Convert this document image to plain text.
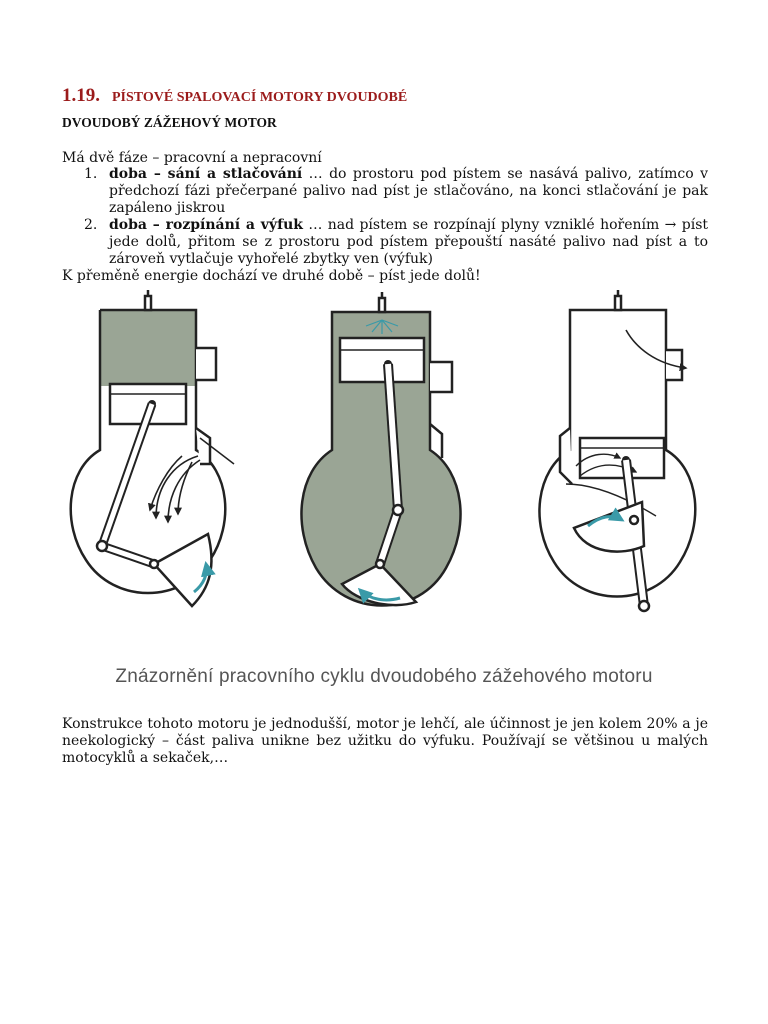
1.19. PÍSTOVÉ SPALOVACÍ MOTORY DVOUDOBÉ
DVOUDOBÝ ZÁŽEHOVÝ MOTOR

Má dvě fáze – pracovní a nepracovní

1. doba – sání a stlačování … do prostoru pod pístem se nasává palivo, zatímco v předchozí fázi přečerpané palivo nad píst je stlačováno, na konci stlačování je pak zapáleno jiskrou
2. doba – rozpínání a výfuk … nad pístem se rozpínají plyny vzniklé hořením → píst jede dolů, přitom se z prostoru pod pístem přepouští nasáté palivo nad píst a to zároveň vytlačuje vyhořelé zbytky ven (výfuk)

K přeměně energie dochází ve druhé době – píst jede dolů!

Znázornění pracovního cyklu dvoudobého zážehového motoru

Konstrukce tohoto motoru je jednodušší, motor je lehčí, ale účinnost je jen kolem 20% a je neekologický – část paliva unikne bez užitku do výfuku. Používají se většinou u malých motocyklů a sekaček,…
